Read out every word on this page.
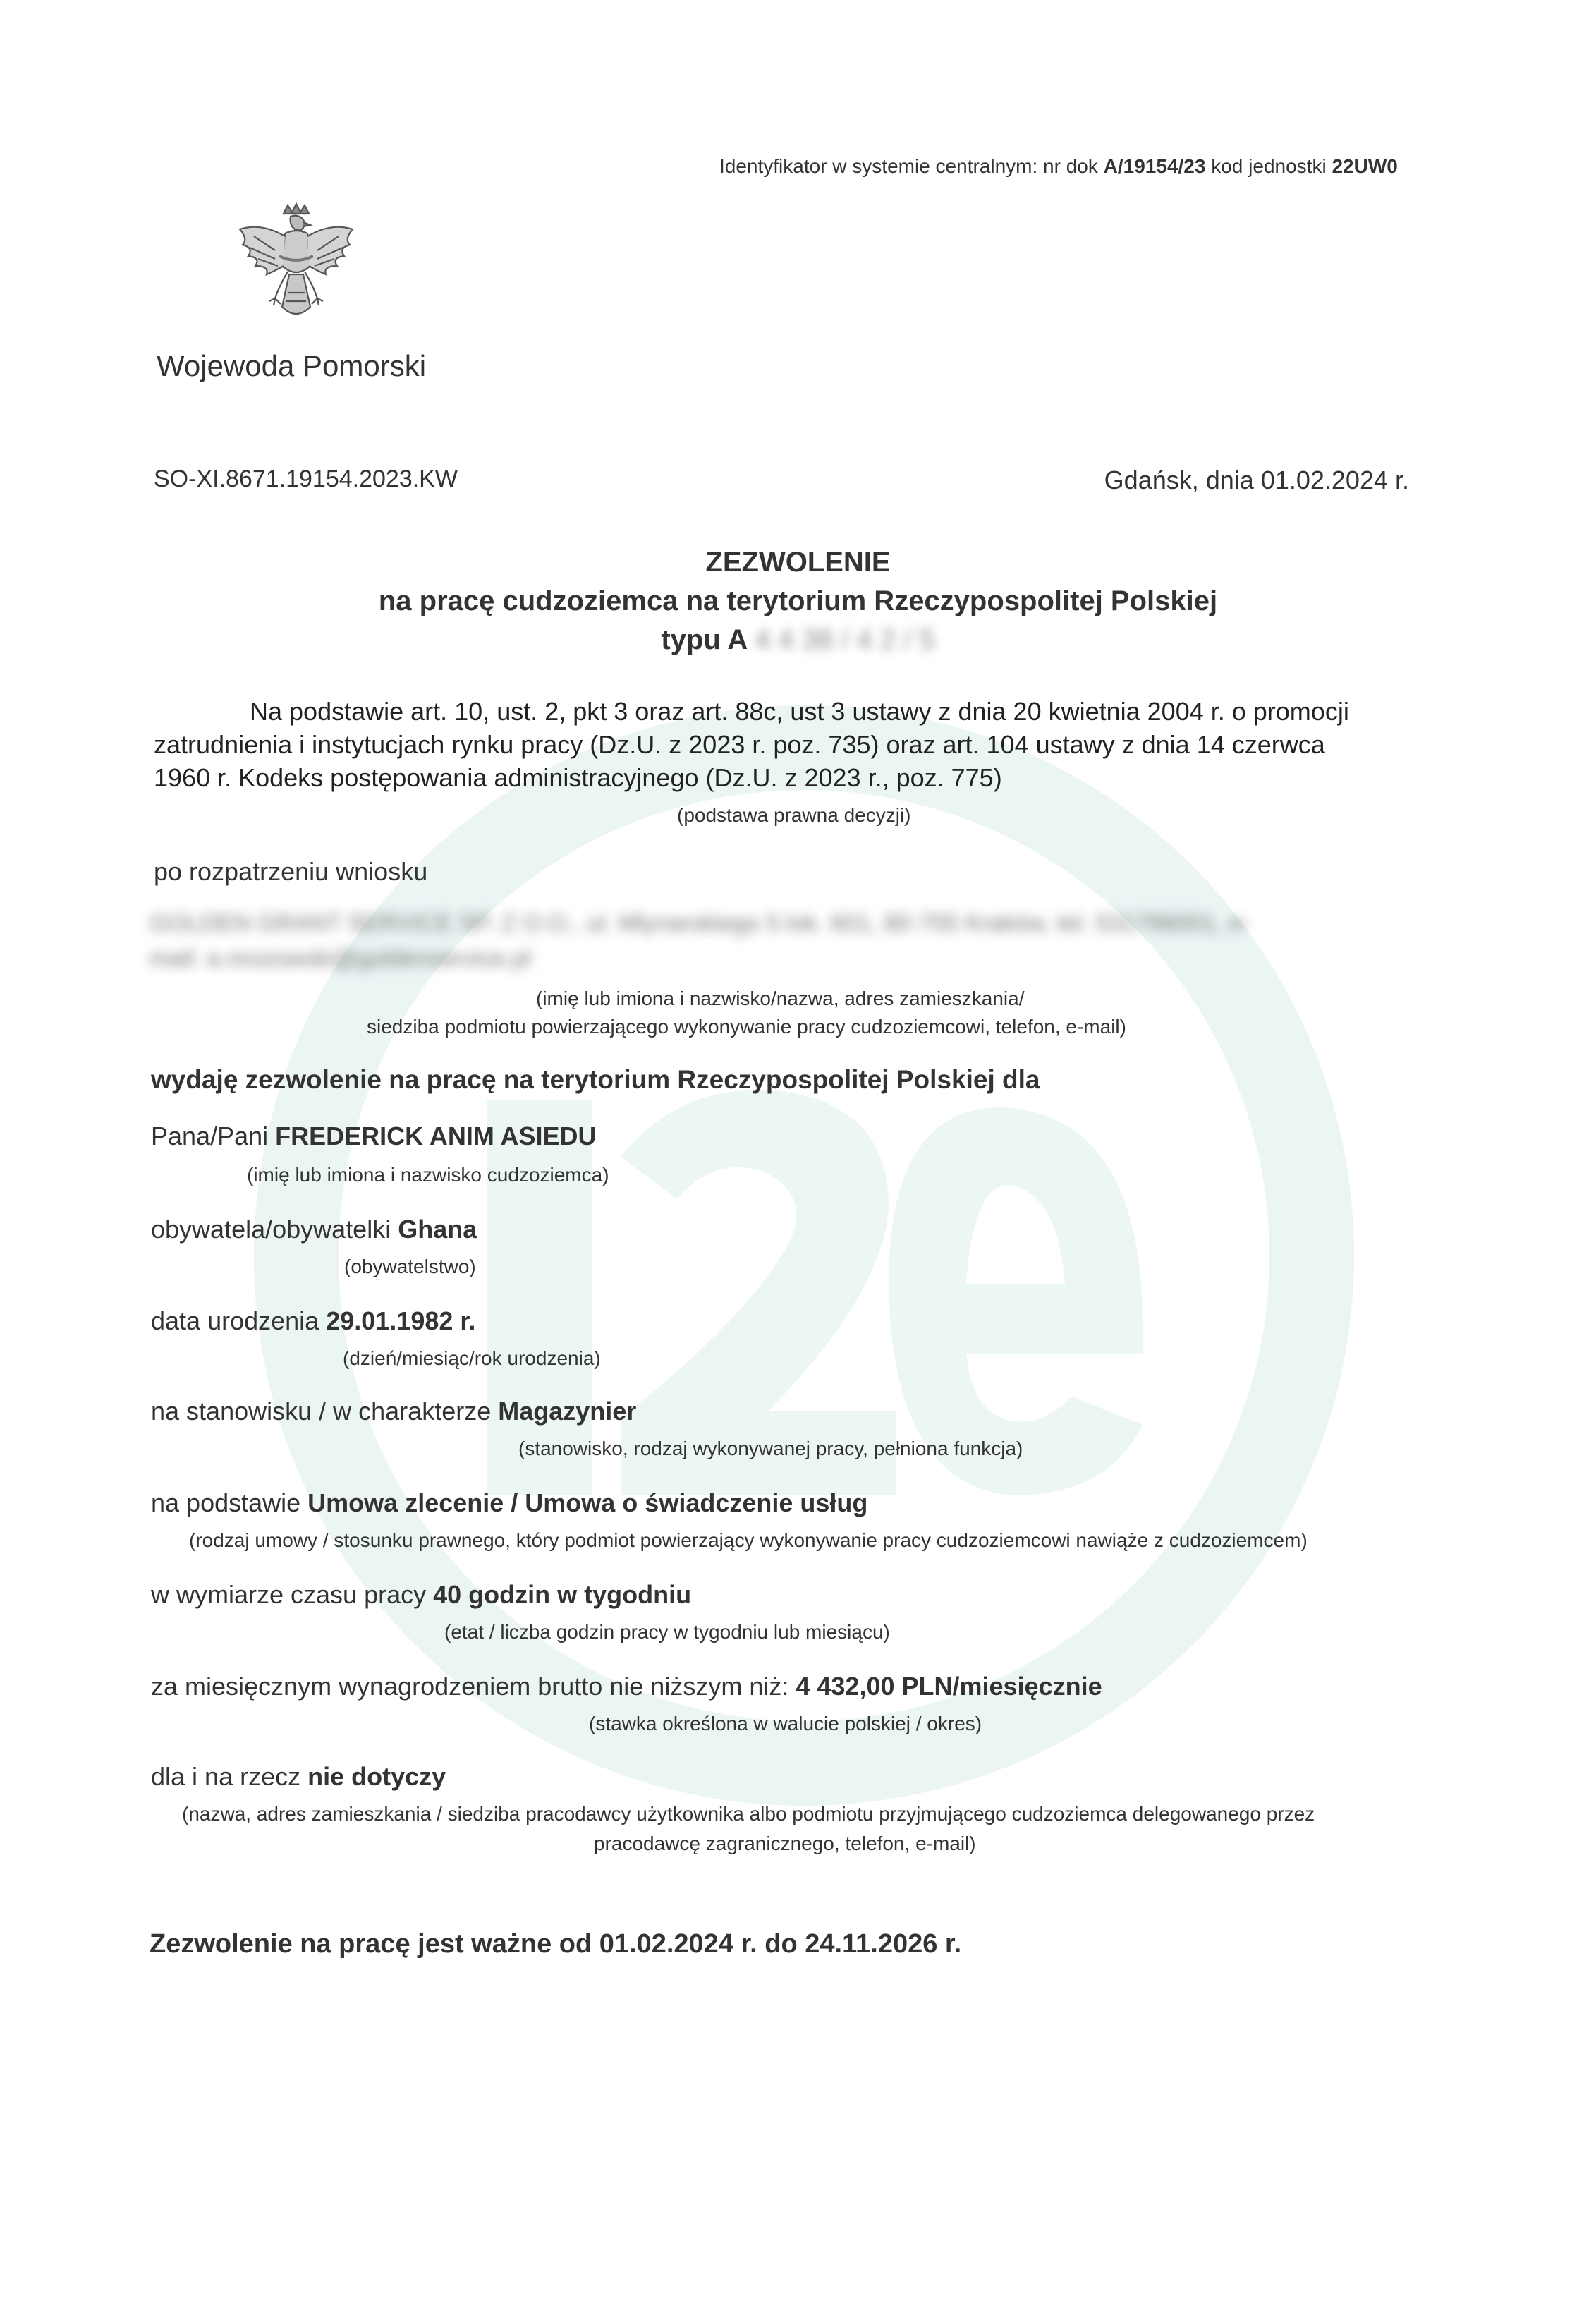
Identyfikator w systemie centralnym: nr dok A/19154/23 kod jednostki 22UW0
Wojewoda Pomorski
SO-XI.8671.19154.2023.KW	Gdańsk, dnia 01.02.2024 r.
ZEZWOLENIE
na pracę cudzoziemca na terytorium Rzeczypospolitej Polskiej
typu A 4 4 38 / 4 2 / 5
Na podstawie art. 10, ust. 2, pkt 3 oraz art. 88c, ust 3 ustawy z dnia 20 kwietnia 2004 r. o promocji
zatrudnienia i instytucjach rynku pracy (Dz.U. z 2023 r. poz. 735) oraz art. 104 ustawy z dnia 14 czerwca
1960 r. Kodeks postępowania administracyjnego (Dz.U. z 2023 r., poz. 775)
(podstawa prawna decyzji)
po rozpatrzeniu wniosku
GOLDEN GRANT SERVICE SP. Z O.O., ul. Mlynarskiego 5 lok. 601, 80-755 Kraków, tel. 531796001, e-
mail: a.nrozowski@goldenservice.pl
(imię lub imiona i nazwisko/nazwa, adres zamieszkania/
siedziba podmiotu powierzającego wykonywanie pracy cudzoziemcowi, telefon, e-mail)
wydaję zezwolenie na pracę na terytorium Rzeczypospolitej Polskiej dla
Pana/Pani FREDERICK ANIM ASIEDU
(imię lub imiona i nazwisko cudzoziemca)
obywatela/obywatelki Ghana
(obywatelstwo)
data urodzenia 29.01.1982 r.
(dzień/miesiąc/rok urodzenia)
na stanowisku / w charakterze Magazynier
(stanowisko, rodzaj wykonywanej pracy, pełniona funkcja)
na podstawie Umowa zlecenie / Umowa o świadczenie usług
(rodzaj umowy / stosunku prawnego, który podmiot powierzający wykonywanie pracy cudzoziemcowi nawiąże z cudzoziemcem)
w wymiarze czasu pracy 40 godzin w tygodniu
(etat / liczba godzin pracy w tygodniu lub miesiącu)
za miesięcznym wynagrodzeniem brutto nie niższym niż: 4 432,00 PLN/miesięcznie
(stawka określona w walucie polskiej / okres)
dla i na rzecz nie dotyczy
(nazwa, adres zamieszkania / siedziba pracodawcy użytkownika albo podmiotu przyjmującego cudzoziemca delegowanego przez
pracodawcę zagranicznego, telefon, e-mail)
Zezwolenie na pracę jest ważne od 01.02.2024 r. do 24.11.2026 r.
